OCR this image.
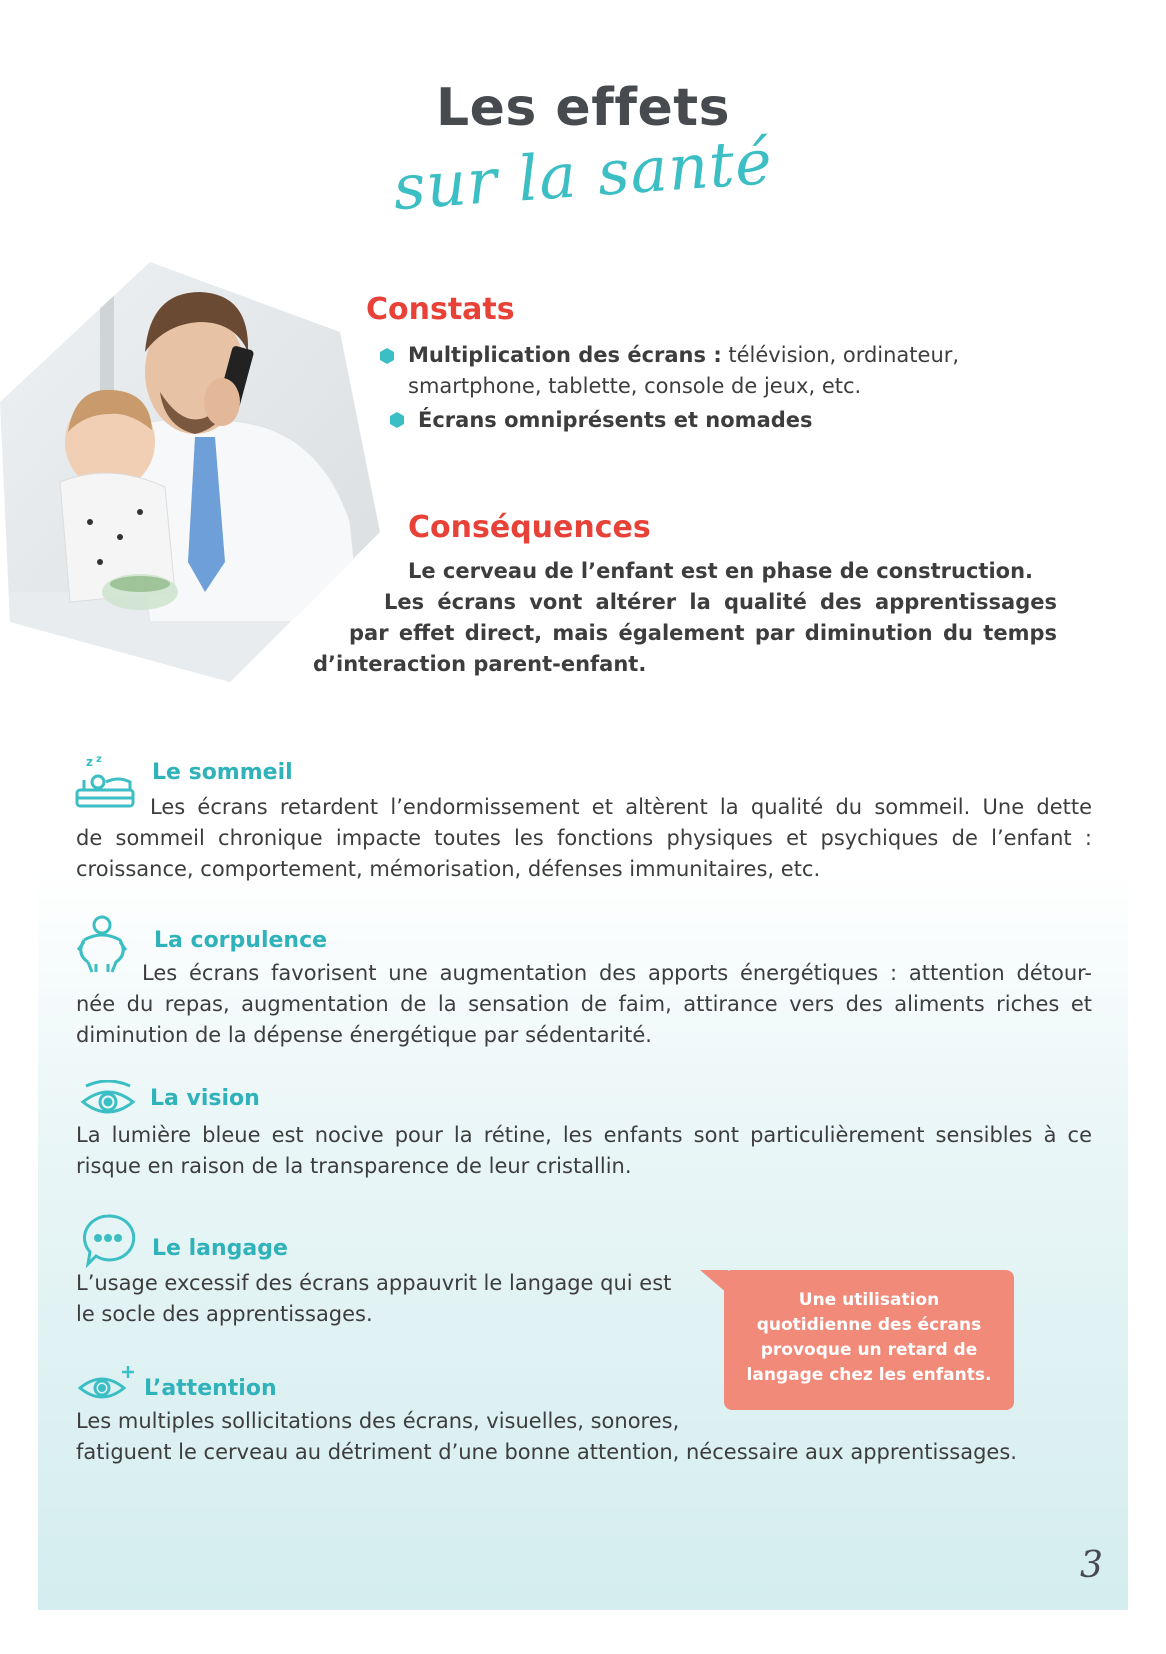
Les effets
sur la santé
Constats
Multiplication des écrans : télévision, ordinateur,
smartphone, tablette, console de jeux, etc.
Écrans omniprésents et nomades
Conséquences
Le cerveau de l’enfant est en phase de construction.
Les écrans vont altérer la qualité des apprentissages
par effet direct, mais également par diminution du temps
d’interaction parent-enfant.
z z
Le sommeil
Les écrans retardent l’endormissement et altèrent la qualité du sommeil. Une dette
de sommeil chronique impacte toutes les fonctions physiques et psychiques de l’enfant :
croissance, comportement, mémorisation, défenses immunitaires, etc.
La corpulence
Les écrans favorisent une augmentation des apports énergétiques : attention détour-
née du repas, augmentation de la sensation de faim, attirance vers des aliments riches et
diminution de la dépense énergétique par sédentarité.
La vision
La lumière bleue est nocive pour la rétine, les enfants sont particulièrement sensibles à ce
risque en raison de la transparence de leur cristallin.
Le langage
L’usage excessif des écrans appauvrit le langage qui est
le socle des apprentissages.
Une utilisation
quotidienne des écrans
provoque un retard de
langage chez les enfants.
L’attention
Les multiples sollicitations des écrans, visuelles, sonores,
fatiguent le cerveau au détriment d’une bonne attention, nécessaire aux apprentissages.
3
